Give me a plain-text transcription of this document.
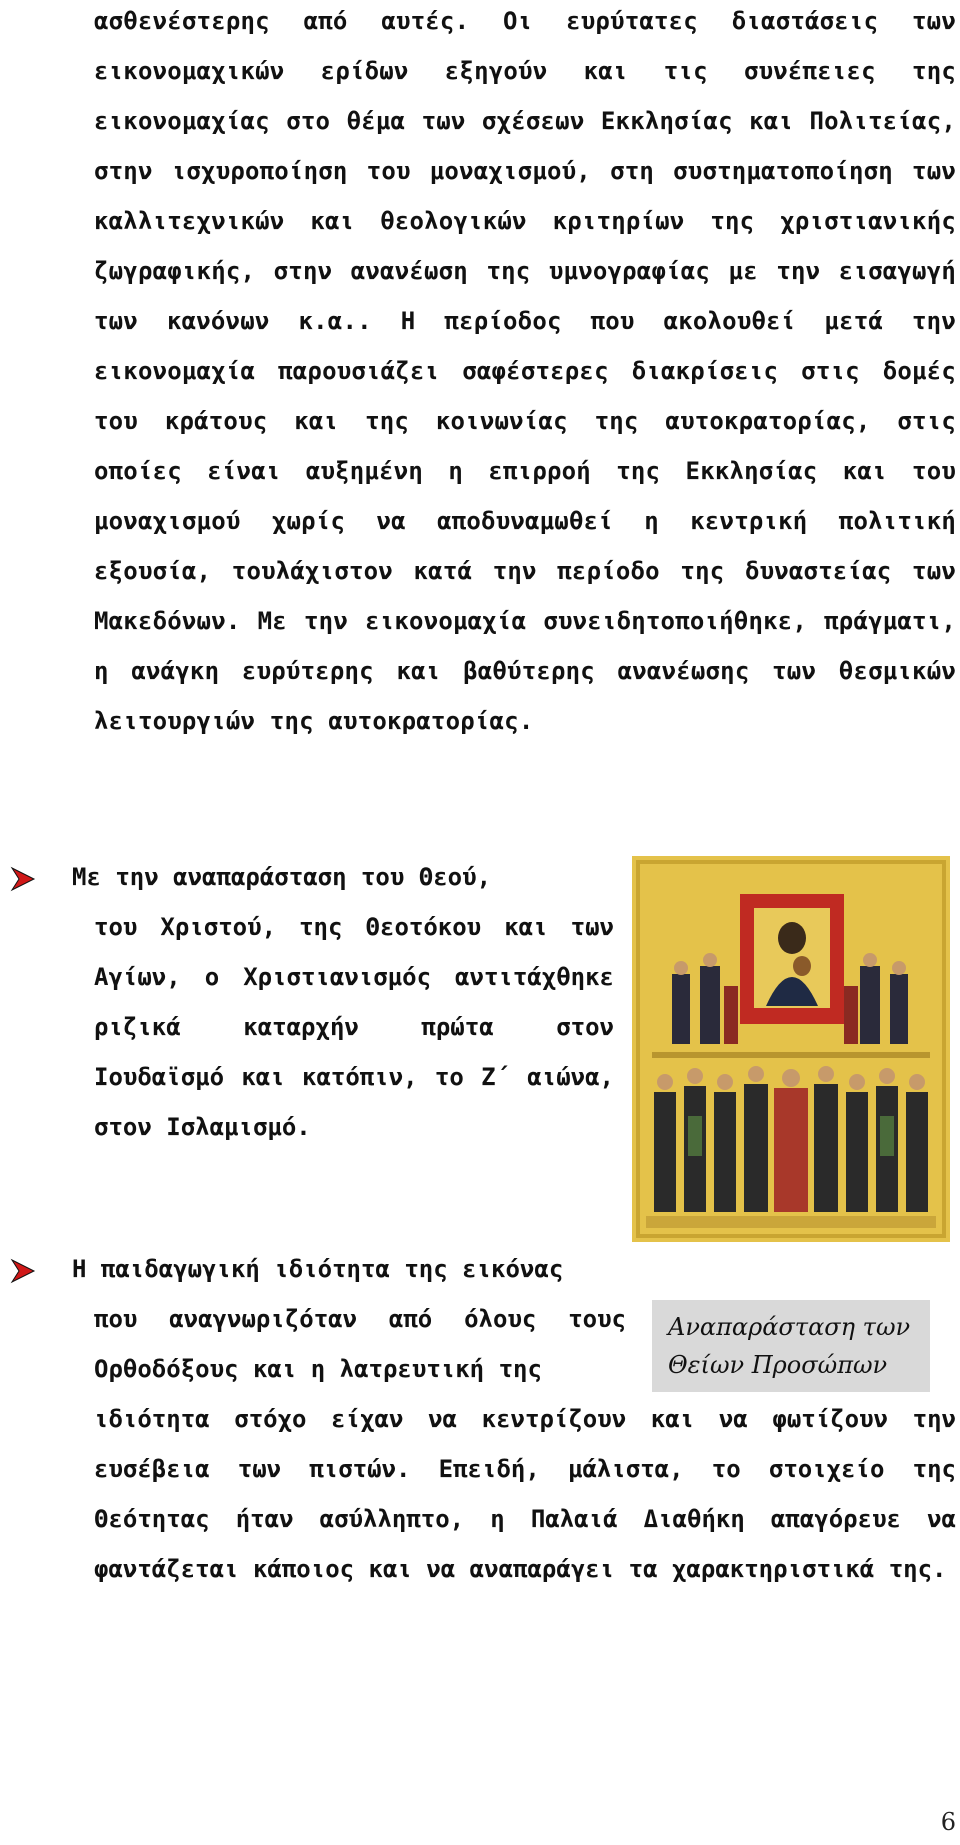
ασθενέστερης από αυτές. Οι ευρύτατες διαστάσεις των εικονομαχικών ερίδων εξηγούν και τις συνέπειες της εικονομαχίας στο θέμα των σχέσεων Εκκλησίας και Πολιτείας, στην ισχυροποίηση του μοναχισμού, στη συστηματοποίηση των καλλιτεχνικών και θεολογικών κριτηρίων της χριστιανικής ζωγραφικής, στην ανανέωση της υμνογραφίας με την εισαγωγή των κανόνων κ.α.. Η περίοδος που ακολουθεί μετά την εικονομαχία παρουσιάζει σαφέστερες διακρίσεις στις δομές του κράτους και της κοινωνίας της αυτοκρατορίας, στις οποίες είναι αυξημένη η επιρροή της Εκκλησίας και του μοναχισμού χωρίς να αποδυναμωθεί η κεντρική πολιτική εξουσία, τουλάχιστον κατά την περίοδο της δυναστείας των Μακεδόνων. Με την εικονομαχία συνειδητοποιήθηκε, πράγματι, η ανάγκη ευρύτερης και βαθύτερης ανανέωσης των θεσμικών λειτουργιών της αυτοκρατορίας.
Με την αναπαράσταση του Θεού,
του Χριστού, της Θεοτόκου και των Αγίων, ο Χριστιανισμός αντιτάχθηκε ριζικά καταρχήν πρώτα στον Ιουδαϊσμό και κατόπιν, το Ζ΄ αιώνα, στον Ισλαμισμό.
Η παιδαγωγική ιδιότητα της εικόνας
που αναγνωριζόταν από όλους τους Ορθοδόξους και η λατρευτική της
Αναπαράσταση των Θείων Προσώπων
ιδιότητα στόχο είχαν να κεντρίζουν και να φωτίζουν την ευσέβεια των πιστών. Επειδή, μάλιστα, το στοιχείο της Θεότητας ήταν ασύλληπτο, η Παλαιά Διαθήκη απαγόρευε να φαντάζεται κάποιος και να αναπαράγει τα χαρακτηριστικά της.
6
